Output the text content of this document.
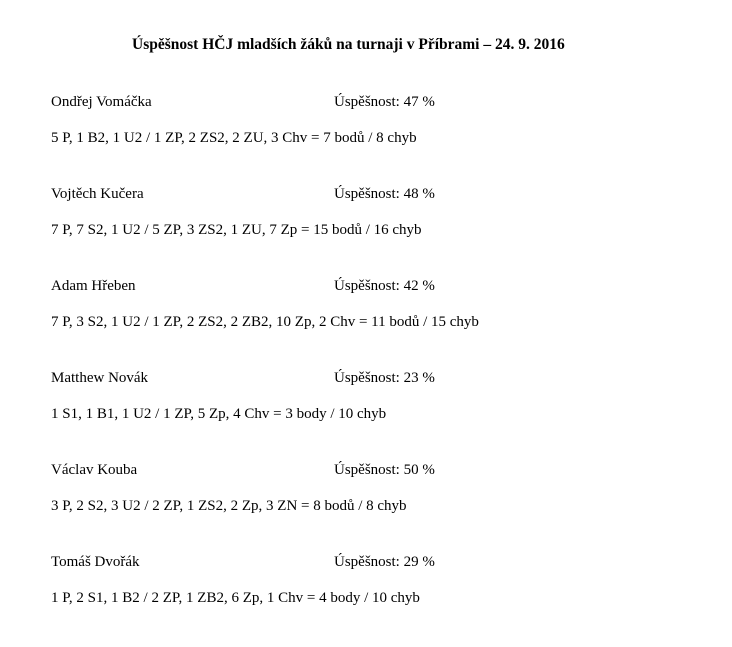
Úspěšnost HČJ mladších žáků na turnaji v Příbrami – 24. 9. 2016
Ondřej Vomáčka	Úspěšnost: 47 %
5 P, 1 B2, 1 U2 / 1 ZP, 2 ZS2, 2 ZU, 3 Chv = 7 bodů / 8 chyb
Vojtěch Kučera	Úspěšnost: 48 %
7 P, 7 S2, 1 U2 / 5 ZP, 3 ZS2, 1 ZU, 7 Zp = 15 bodů / 16 chyb
Adam Hřeben	Úspěšnost: 42 %
7 P, 3 S2, 1 U2 / 1 ZP, 2 ZS2, 2 ZB2, 10 Zp, 2 Chv = 11 bodů / 15 chyb
Matthew Novák	Úspěšnost: 23 %
1 S1, 1 B1, 1 U2 / 1 ZP, 5 Zp, 4 Chv = 3 body / 10 chyb
Václav Kouba	Úspěšnost: 50 %
3 P, 2 S2, 3 U2 / 2 ZP, 1 ZS2, 2 Zp, 3 ZN = 8 bodů / 8 chyb
Tomáš Dvořák	Úspěšnost: 29 %
1 P, 2 S1, 1 B2 / 2 ZP, 1 ZB2, 6 Zp, 1 Chv = 4 body / 10 chyb
